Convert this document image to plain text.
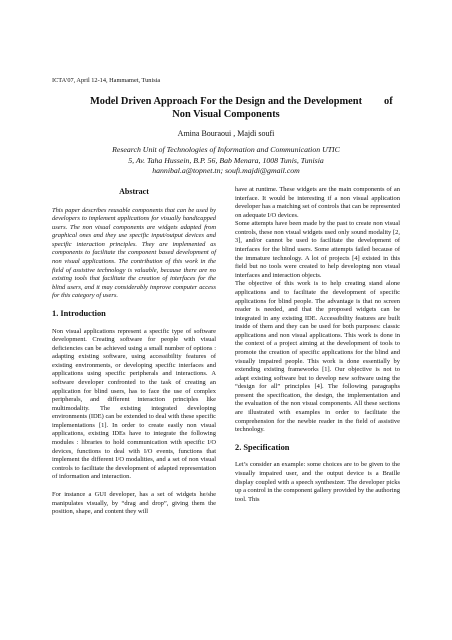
ICTA'07, April 12-14, Hammamet, Tunisia
Model Driven Approach For the Design and the Development	of
Non Visual Components
Amina Bouraoui , Majdi soufi
Research Unit of Technologies of Information and Communication UTIC
5, Av. Taha Hussein, B.P. 56, Bab Menara, 1008 Tunis, Tunisia
hannibal.a@topnet.tn; soufi.majdi@gmail.com
Abstract
This paper describes reusable components that can be used by developers to implement applications for visually handicapped users. The non visual components are widgets adapted from graphical ones and they use specific input/output devices and specific interaction principles. They are implemented as components to facilitate the component based development of non visual applications. The contribution of this work in the field of assistive technology is valuable, because there are no existing tools that facilitate the creation of interfaces for the blind users, and it may considerably improve computer access for this category of users.
1. Introduction

Non visual applications represent a specific type of software development. Creating software for people with visual deficiencies can be achieved using a small number of options : adapting existing software, using accessibility features of existing environments, or developing specific interfaces and applications using specific peripherals and interactions. A software developer confronted to the task of creating an application for blind users, has to face the use of complex peripherals, and different interaction principles like multimodality. The existing integrated developing environments (IDE) can be extended to deal with these specific implementations [1]. In order to create easily non visual applications, existing IDEs have to integrate the following modules : libraries to hold communication with specific I/O devices, functions to deal with I/O events, functions that implement the different I/O modalities, and a set of non visual controls to facilitate the development of adapted representation of information and interaction.

For instance a GUI developer, has a set of widgets he/she manipulates visually, by “drag and drop”, giving them the position, shape, and content they will

have at runtime. These widgets are the main components of an interface. It would be interesting if a non visual application developer has a matching set of controls that can be represented on adequate I/O devices.

Some attempts have been made by the past to create non visual controls, these non visual widgets used only sound modality [2, 3], and/or cannot be used to facilitate the development of interfaces for the blind users. Some attempts failed because of the immature technology. A lot of projects [4] existed in this field but no tools were created to help developing non visual interfaces and interaction objects.

The objective of this work is to help creating stand alone applications and to facilitate the development of specific applications for blind people. The advantage is that no screen reader is needed, and that the proposed widgets can be integrated in any existing IDE. Accessibility features are built inside of them and they can be used for both purposes: classic applications and non visual applications. This work is done in the context of a project aiming at the development of tools to promote the creation of specific applications for the blind and visually impaired people. This work is done essentially by extending existing frameworks [1]. Our objective is not to adapt existing software but to develop new software using the “design for all” principles [4]. The following paragraphs present the specification, the design, the implementation and the evaluation of the non visual components. All these sections are illustrated with examples in order to facilitate the comprehension for the newbie reader in the field of assistive technology.

2. Specification

Let’s consider an example: some choices are to be given to the visually impaired user, and the output device is a Braille display coupled with a speech synthesizer. The developer picks up a control in the component gallery provided by the authoring tool. This
